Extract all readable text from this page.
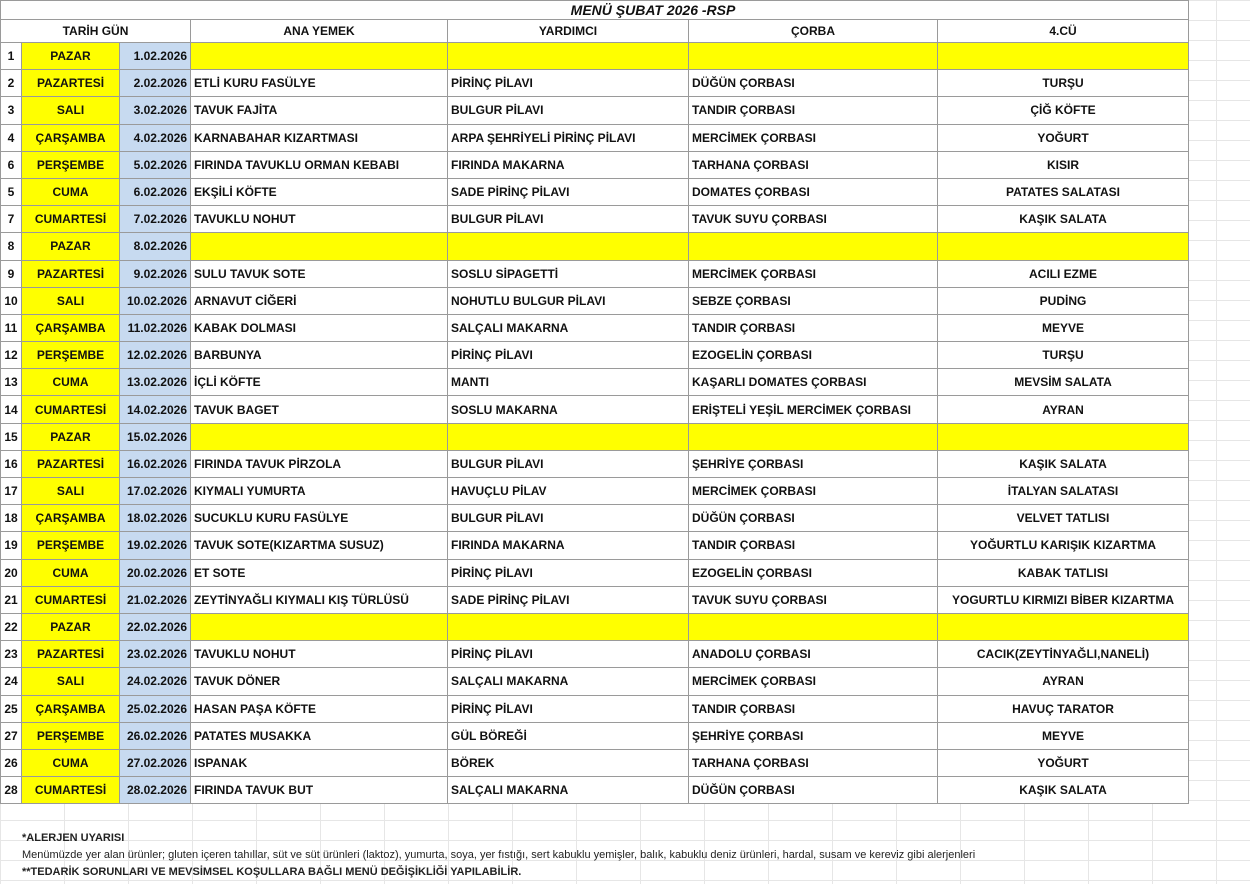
MENÜ ŞUBAT 2026 -RSP						
TARİH GÜN			ANA YEMEK	YARDIMCI	ÇORBA	4.CÜ
1	PAZAR	1.02.2026				
2	PAZARTESİ	2.02.2026	ETLİ KURU FASÜLYE	PİRİNÇ PİLAVI	DÜĞÜN ÇORBASI	TURŞU
3	SALI	3.02.2026	TAVUK FAJİTA	BULGUR PİLAVI	TANDIR ÇORBASI	ÇİĞ KÖFTE
4	ÇARŞAMBA	4.02.2026	KARNABAHAR KIZARTMASI	ARPA ŞEHRİYELİ PİRİNÇ PİLAVI	MERCİMEK ÇORBASI	YOĞURT
6	PERŞEMBE	5.02.2026	FIRINDA TAVUKLU ORMAN KEBABI	FIRINDA MAKARNA	TARHANA ÇORBASI	KISIR
5	CUMA	6.02.2026	EKŞİLİ KÖFTE	SADE PİRİNÇ PİLAVI	DOMATES ÇORBASI	PATATES SALATASI
7	CUMARTESİ	7.02.2026	TAVUKLU NOHUT	BULGUR PİLAVI	TAVUK SUYU ÇORBASI	KAŞIK SALATA
8	PAZAR	8.02.2026				
9	PAZARTESİ	9.02.2026	SULU TAVUK SOTE	SOSLU SİPAGETTİ	MERCİMEK ÇORBASI	ACILI EZME
10	SALI	10.02.2026	ARNAVUT CİĞERİ	NOHUTLU BULGUR PİLAVI	SEBZE ÇORBASI	PUDİNG
11	ÇARŞAMBA	11.02.2026	KABAK DOLMASI	SALÇALI MAKARNA	TANDIR ÇORBASI	MEYVE
12	PERŞEMBE	12.02.2026	BARBUNYA	PİRİNÇ PİLAVI	EZOGELİN ÇORBASI	TURŞU
13	CUMA	13.02.2026	İÇLİ KÖFTE	MANTI	KAŞARLI DOMATES ÇORBASI	MEVSİM SALATA
14	CUMARTESİ	14.02.2026	TAVUK BAGET	SOSLU MAKARNA	ERİŞTELİ YEŞİL MERCİMEK ÇORBASI	AYRAN
15	PAZAR	15.02.2026				
16	PAZARTESİ	16.02.2026	FIRINDA TAVUK PİRZOLA	BULGUR PİLAVI	ŞEHRİYE ÇORBASI	KAŞIK SALATA
17	SALI	17.02.2026	KIYMALI YUMURTA	HAVUÇLU PİLAV	MERCİMEK ÇORBASI	İTALYAN SALATASI
18	ÇARŞAMBA	18.02.2026	SUCUKLU KURU FASÜLYE	BULGUR PİLAVI	DÜĞÜN ÇORBASI	VELVET TATLISI
19	PERŞEMBE	19.02.2026	TAVUK SOTE(KIZARTMA SUSUZ)	FIRINDA MAKARNA	TANDIR ÇORBASI	YOĞURTLU KARIŞIK KIZARTMA
20	CUMA	20.02.2026	ET SOTE	PİRİNÇ PİLAVI	EZOGELİN ÇORBASI	KABAK TATLISI
21	CUMARTESİ	21.02.2026	ZEYTİNYAĞLI KIYMALI KIŞ TÜRLÜSÜ	SADE PİRİNÇ PİLAVI	TAVUK SUYU ÇORBASI	YOGURTLU KIRMIZI BİBER KIZARTMA
22	PAZAR	22.02.2026				
23	PAZARTESİ	23.02.2026	TAVUKLU NOHUT	PİRİNÇ PİLAVI	ANADOLU ÇORBASI	CACIK(ZEYTİNYAĞLI,NANELİ)
24	SALI	24.02.2026	TAVUK DÖNER	SALÇALI MAKARNA	MERCİMEK ÇORBASI	AYRAN
25	ÇARŞAMBA	25.02.2026	HASAN PAŞA KÖFTE	PİRİNÇ PİLAVI	TANDIR ÇORBASI	HAVUÇ TARATOR
27	PERŞEMBE	26.02.2026	PATATES MUSAKKA	GÜL BÖREĞİ	ŞEHRİYE ÇORBASI	MEYVE
26	CUMA	27.02.2026	ISPANAK	BÖREK	TARHANA ÇORBASI	YOĞURT
28	CUMARTESİ	28.02.2026	FIRINDA TAVUK BUT	SALÇALI MAKARNA	DÜĞÜN ÇORBASI	KAŞIK SALATA
*ALERJEN UYARISI
Menümüzde yer alan ürünler; gluten içeren tahıllar, süt ve süt ürünleri (laktoz), yumurta, soya, yer fıstığı, sert kabuklu yemişler, balık, kabuklu deniz ürünleri, hardal, susam ve kereviz gibi alerjenleri
**TEDARİK SORUNLARI VE MEVSİMSEL KOŞULLARA BAĞLI MENÜ DEĞİŞİKLİĞİ YAPILABİLİR.
